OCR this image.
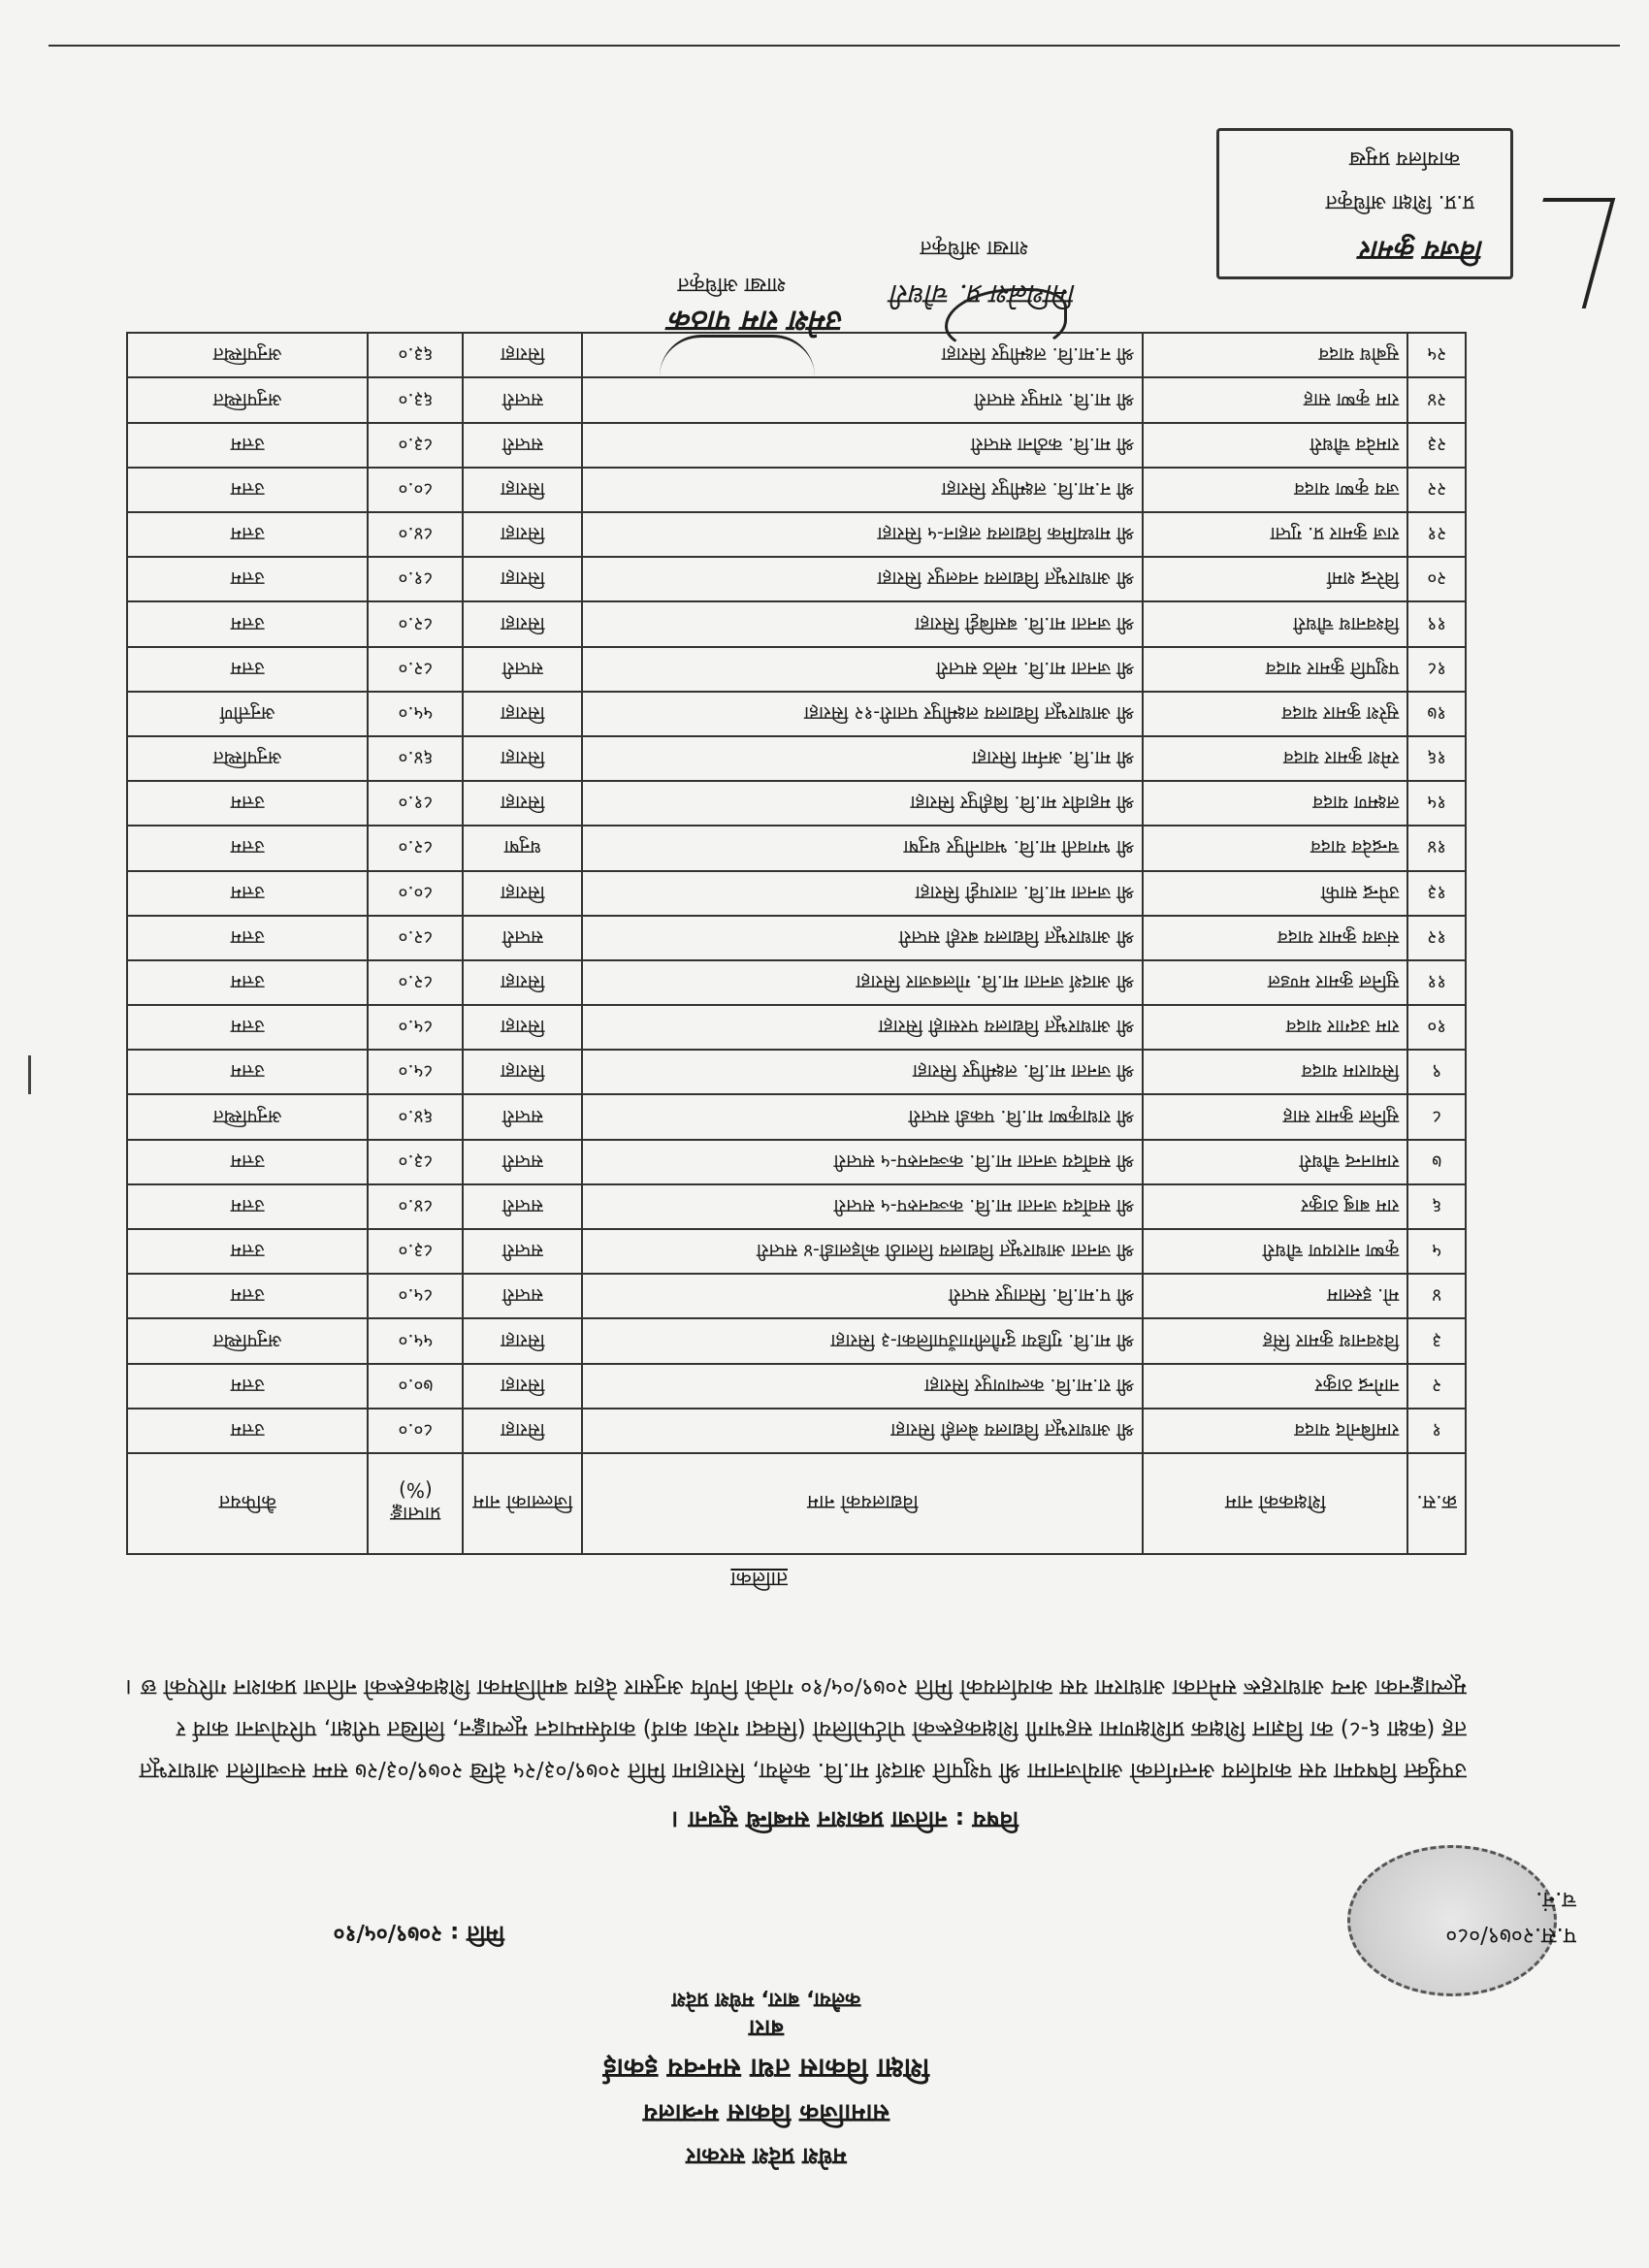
मधेश प्रदेश सरकार
सामाजिक विकास मन्त्रालय
शिक्षा विकास तथा समन्वय इकाई
बारा
कलैया, बारा, मधेश प्रदेश
प.स.२०७९/०८०
च.नं.
मिति : २०७९/०५/१०
विषय : नतिजा प्रकाशन सम्बन्धि सूचना ।
उपर्युक्त विषयमा यस कार्यालय अन्तर्गतको आयोजनामा श्री पशुपति आदर्श मा.वि. कलैया, सिराहामा मिति २०७९/०३/२५ देखि २०७९/०३/२७ सम्म सञ्चालित आधारभूत तह (कक्षा ६-८) का विज्ञान शिक्षक प्रशिक्षणमा सहभागी शिक्षकहरूको पोर्टफोलियो (सिक्दा गरेका कार्य) कार्यसम्पादन मूल्याङ्कन, लिखित परीक्षा, परियोजना कार्य र मूल्याङ्कनका अन्य आधारहरू समेतका आधारमा यस कार्यालयको मिति २०७९/०५/१० गतेको निर्णय अनुसार देहाय बमोजिमका शिक्षकहरूको नतिजा प्रकाशन गरिएको छ ।
तालिका
क्र.स.	शिक्षकको नाम	विद्यालयको नाम	जिल्लाको नाम	प्राप्ताङ्क (%)	कैफियत
१	रामबिनोद यादव	श्री आधारभूत विद्यालय बेलही सिराहा	सिराहा	८०.०	उत्तम
२	नागेन्द्र ठाकुर	श्री रा.मा.वि. कल्याणपुर सिराहा	सिराहा	७०.०	उत्तम
३	विश्वनाथ कुमार सिंह	श्री मा.वि. गुडिया दुगौलीगाउँपालिका-३ सिराहा	सिराहा	५५.०	अनुपस्थित
४	मो. इस्लाम	श्री प.मा.वि. सितापुर सप्तरी	सप्तरी	८५.०	उत्तम
५	कृष्ण नारायण चौधरी	श्री जनता आधारभूत विद्यालय तिलाठी कोइलाडी-४ सप्तरी	सप्तरी	८३.०	उत्तम
६	राम बाबु ठाकुर	श्री सर्वोदय जनता मा.वि. कञ्चनरुप-५ सप्तरी	सप्तरी	८४.०	उत्तम
७	रामानन्द चौधरी	श्री सर्वोदय जनता मा.वि. कञ्चनरुप-५ सप्तरी	सप्तरी	८३.०	उत्तम
८	सुनिल कुमार साह	श्री राधाकृष्ण मा.वि. पकडी सप्तरी	सप्तरी	६४.०	अनुपस्थित
९	सियाराम यादव	श्री जनता मा.वि. लक्ष्मीपुर सिराहा	सिराहा	८५.०	उत्तम
१०	राम उदगार यादव	श्री आधारभूत विद्यालय परसाही सिराहा	सिराहा	८५.०	उत्तम
११	सुनिल कुमार मण्डल	श्री आदर्श जनता मा.वि. गोलबजार सिराहा	सिराहा	८२.०	उत्तम
१२	संजय कुमार यादव	श्री आधारभूत विद्यालय बरही सप्तरी	सप्तरी	८२.०	उत्तम
१३	उपेन्द्र साफी	श्री जनता मा.वि. तारापट्टी सिराहा	सिराहा	८०.०	उत्तम
१४	चन्द्रदेव यादव	श्री भगवती मा.वि. भवानीपुर धनुषा	धनुषा	८२.०	उत्तम
१५	लक्ष्मण यादव	श्री महावीर मा.वि. बिहीपुर सिराहा	सिराहा	८१.०	उत्तम
१६	रमेश कुमार यादव	श्री मा.वि. अर्नमा सिराहा	सिराहा	६४.०	अनुपस्थित
१७	सुरेश कुमार यादव	श्री आधारभूत विद्यालय लक्ष्मीपुर पतारी-१२ सिराहा	सिराहा	५५.०	अनुत्तीर्ण
१८	पशुपति कुमार यादव	श्री जनता मा.वि. मलेठ सप्तरी	सप्तरी	८२.०	उत्तम
१९	विश्वनाथ चौधरी	श्री जनता मा.वि. बसबिट्टी सिराहा	सिराहा	८२.०	उत्तम
२०	विरेन्द्र शर्मा	श्री आधारभूत विद्यालय नवलपुर सिराहा	सिराहा	८१.०	उत्तम
२१	राज कुमार प्र. गुप्ता	श्री माध्यमिक विद्यालय लहान-५ सिराहा	सिराहा	८४.०	उत्तम
२२	जय कृष्ण यादव	श्री न.मा.वि. लक्ष्मीपुर सिराहा	सिराहा	८०.०	उत्तम
२३	रामदेव चौधरी	श्री मा.वि. कठौना सप्तरी	सप्तरी	८३.०	उत्तम
२४	राम कृष्ण साह	श्री मा.वि. रामपुर सप्तरी	सप्तरी	६३.०	अनुपस्थित
२५	सुबोध यादव	श्री न.मा.वि. लक्ष्मीपुर सिराहा	सिराहा	६३.०	अनुपस्थित
उमेश राम पाठक
शाखा अधिकृत	मिथिलेश प्र. चौधरी
शाखा अधिकृत	विजय कुमार
प्र.प्र. शिक्षा अधिकृत
कार्यालय प्रमुख
